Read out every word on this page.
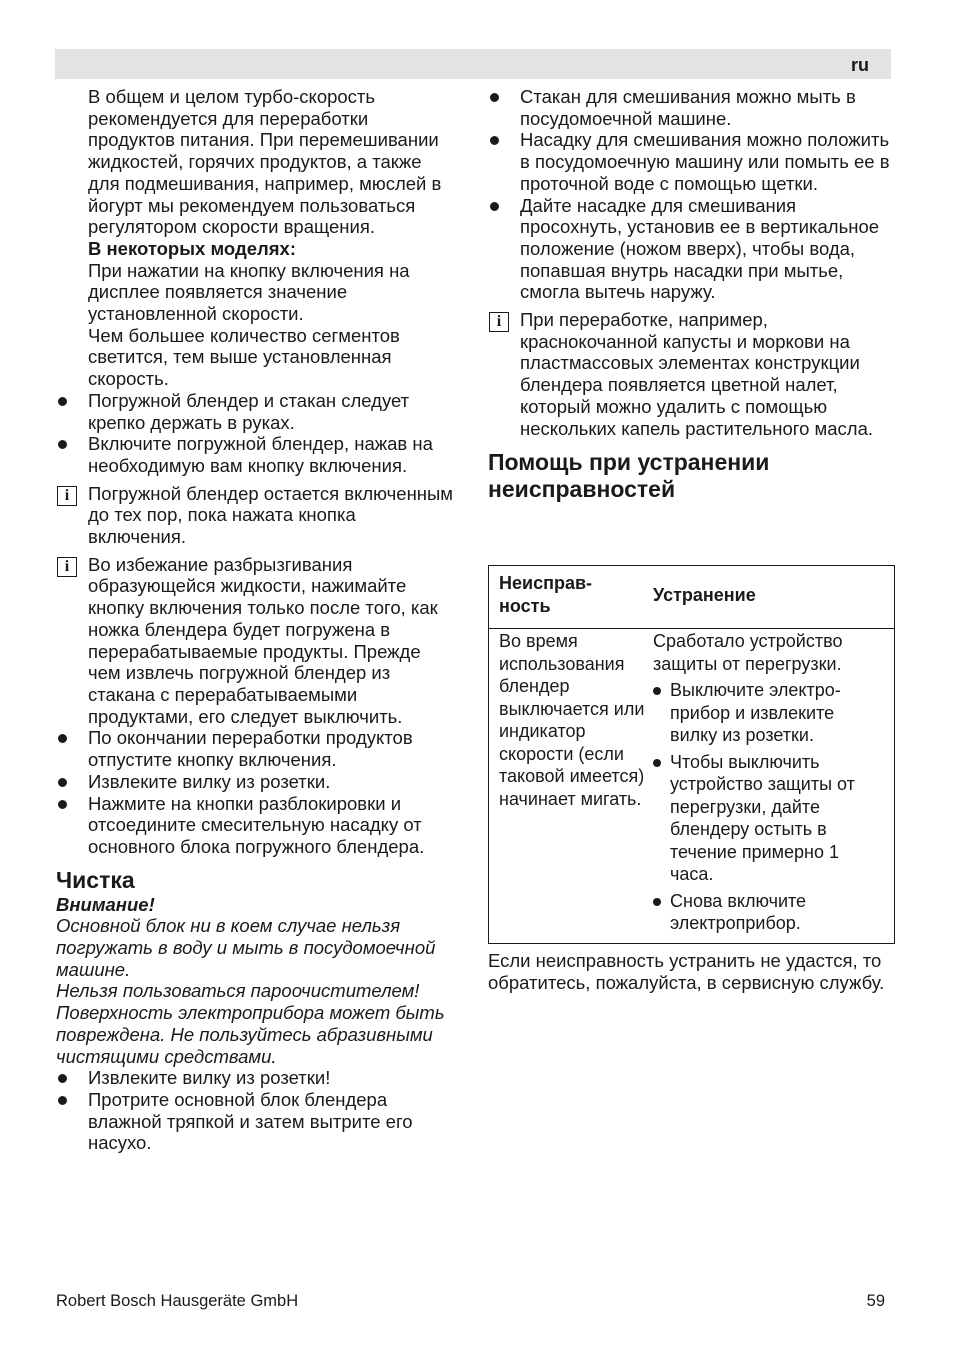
ru
В общем и целом турбо-скорость рекомендуется для переработки продуктов питания. При перемешивании жидкостей, горячих продуктов, а также для подмешивания, например, мюслей в йогурт мы рекомендуем пользоваться регулятором скорости вращения.
В некоторых моделях:
При нажатии на кнопку включения на дисплее появляется значение установленной скорости.
Чем большее количество сегментов светится, тем выше установленная скорость.
Погружной блендер и стакан следует крепко держать в руках.
Включите погружной блендер, нажав на необходимую вам кнопку включения.
i	Погружной блендер остается включенным до тех пор, пока нажата кнопка включения.
i	Во избежание разбрызгивания образующейся жидкости, нажимайте кнопку включения только после того, как ножка блендера будет погружена в перерабатываемые продукты. Прежде чем извлечь погружной блендер из стакана с перерабатываемыми продуктами, его следует выключить.
По окончании переработки продуктов отпустите кнопку включения.
Извлеките вилку из розетки.
Нажмите на кнопки разблокировки и отсоедините смесительную насадку от основного блока погружного блендера.
Чистка
Внимание!
Основной блок ни в коем случае нельзя погружать в воду и мыть в посудомоечной машине.
Нельзя пользоваться пароочистителем!
Поверхность электроприбора может быть повреждена. Не пользуйтесь абразивными чистящими средствами.
Извлеките вилку из розетки!
Протрите основной блок блендера влажной тряпкой и затем вытрите его насухо.
Стакан для смешивания можно мыть в посудомоечной машине.
Насадку для смешивания можно положить в посудомоечную машину или помыть ее в проточной воде с помощью щетки.
Дайте насадке для смешивания просохнуть, установив ее в вертикальное положение (ножом вверх), чтобы вода, попавшая внутрь насадки при мытье, смогла вытечь наружу.
i	При переработке, например, краснокочанной капусты и моркови на пластмассовых элементах конструкции блендера появляется цветной налет, который можно удалить с помощью нескольких капель растительного масла.
Помощь при устранении неисправностей
Неисправ-ность	Устранение
Во время использования блендер выключается или индикатор скорости (если таковой имеется) начинает мигать.	Сработало устройство защиты от перегрузки.
Выключите электроприбор и извлеките вилку из розетки.
Чтобы выключить устройство защиты от перегрузки, дайте блендеру остыть в течение примерно 1 часа.
Снова включите электроприбор.
Если неисправность устранить не удастся, то обратитесь, пожалуйста, в сервисную службу.
Robert Bosch Hausgeräte GmbH	59
